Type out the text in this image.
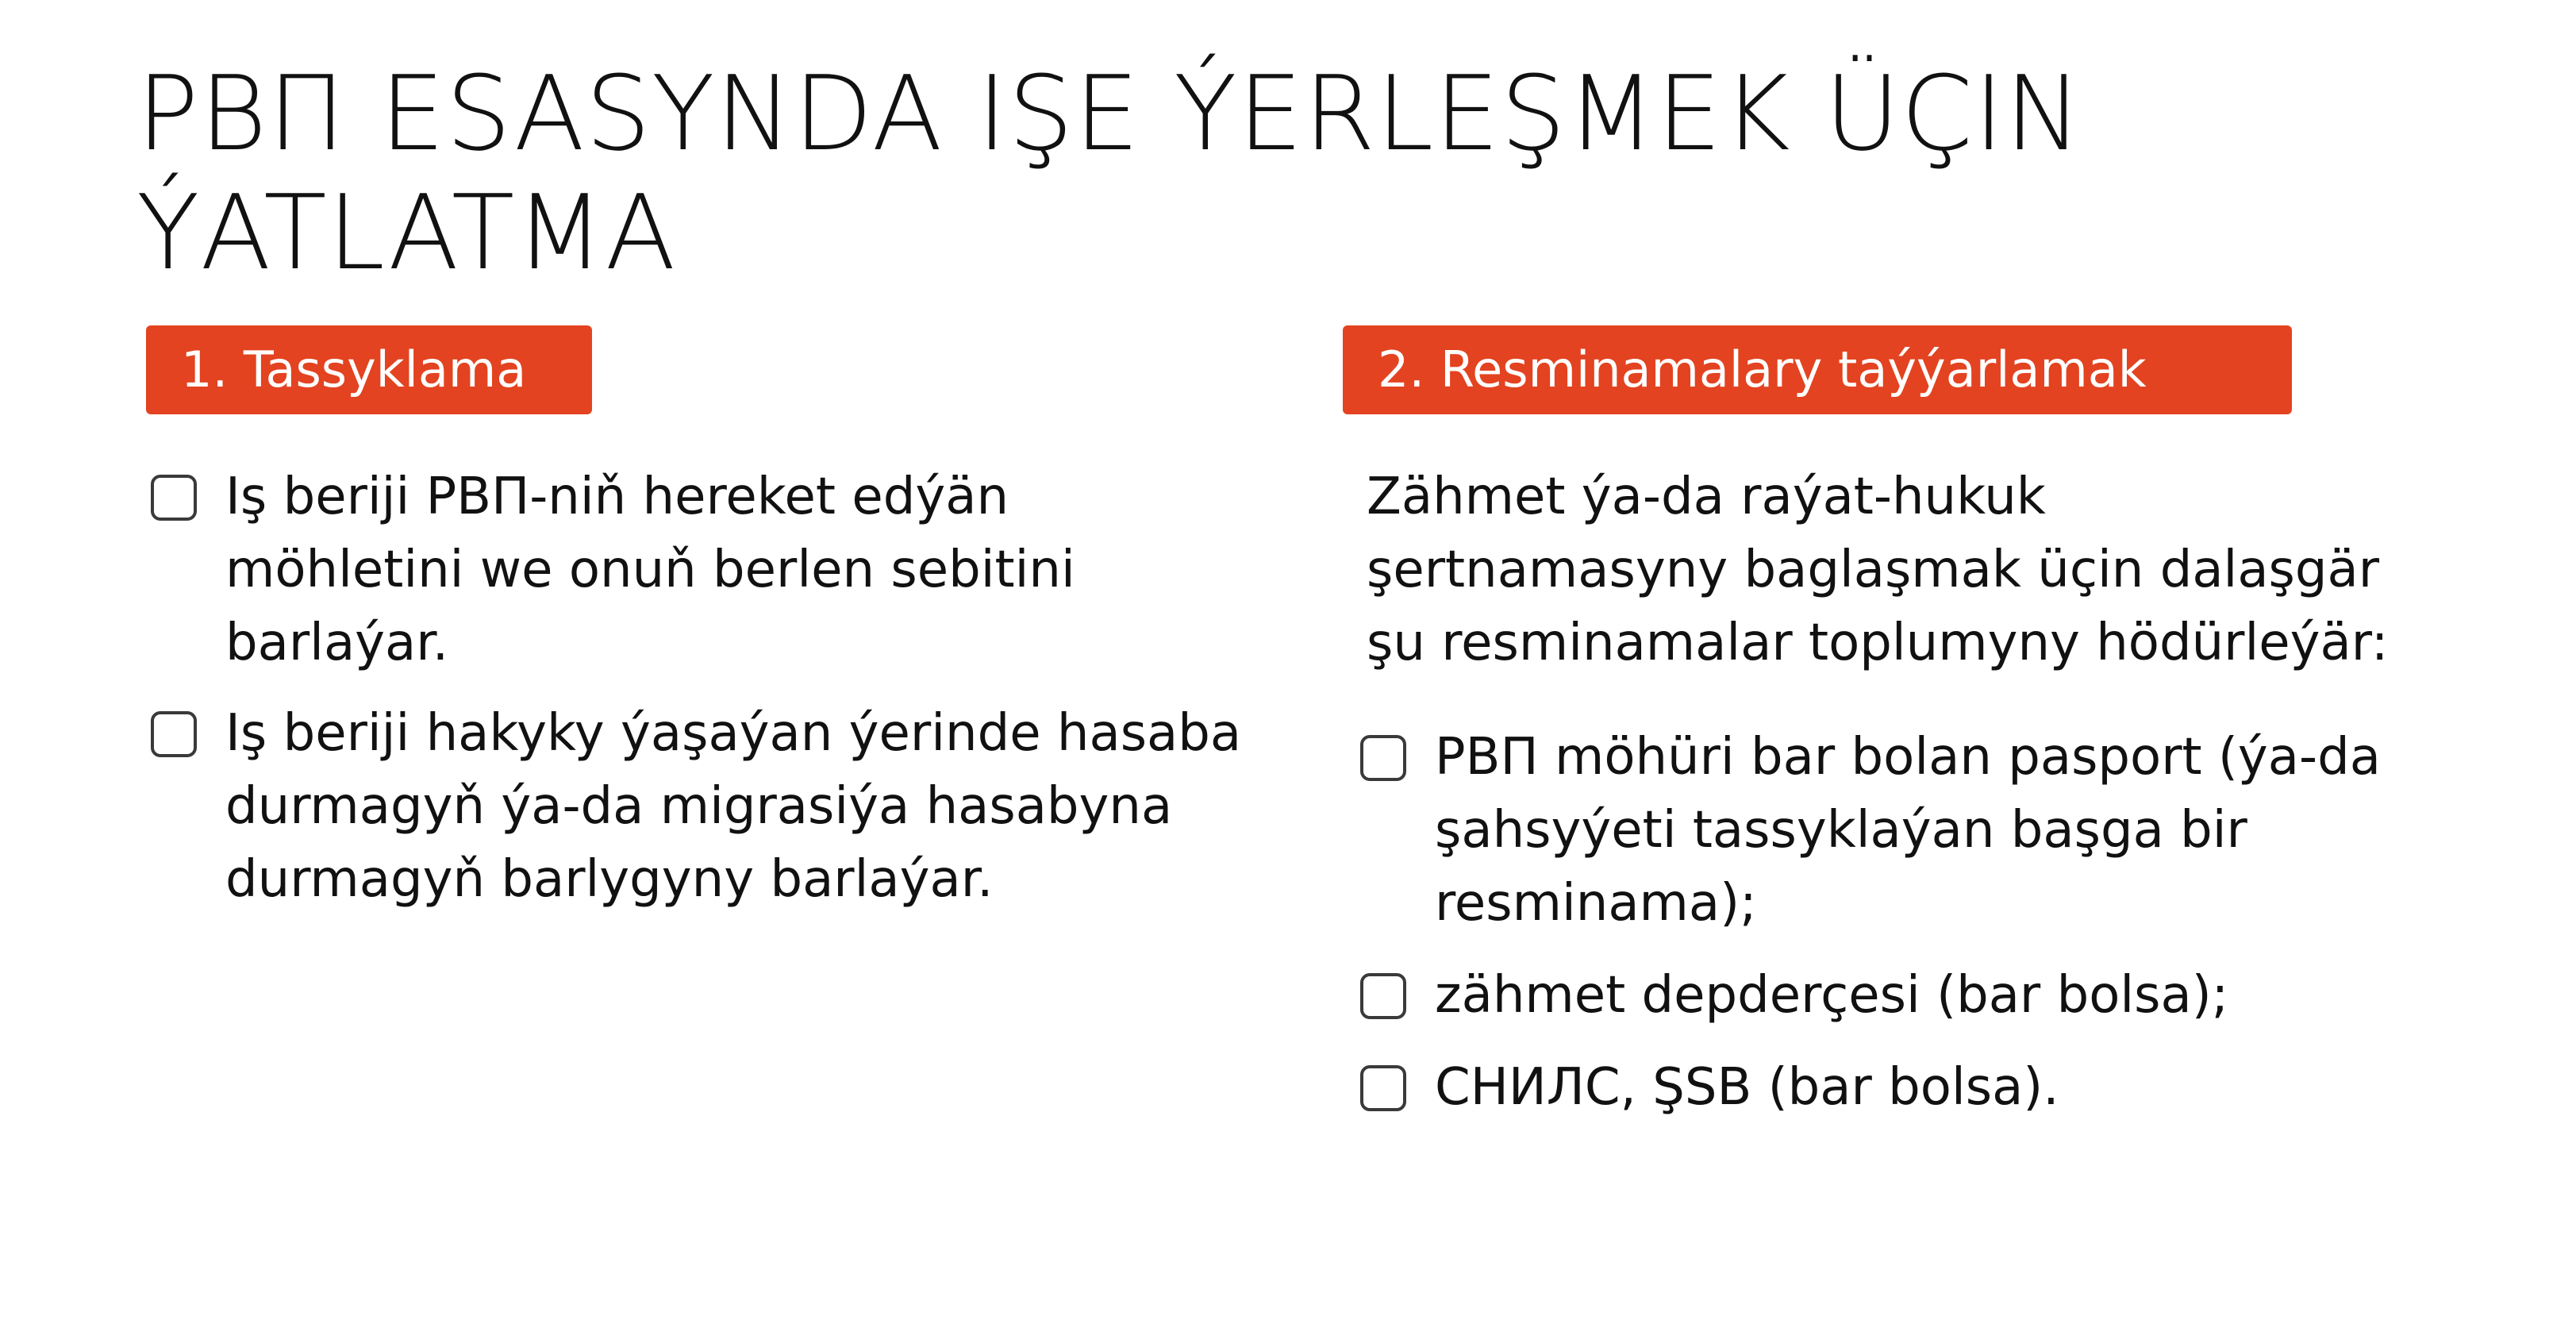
РВП ESASYNDA IŞE ÝERLEŞMEK ÜÇIN ÝATLATMA
1. Tassyklama	2. Resminamalary taýýarlamak
Iş beriji РВП-niň hereket edýän möhletini we onuň berlen sebitini barlaýar.
Iş beriji hakyky ýaşaýan ýerinde hasaba durmagyň ýa-da migrasiýa hasabyna durmagyň barlygyny barlaýar.

Zähmet ýa-da raýat-hukuk şertnamasyny baglaşmak üçin dalaşgär şu resminamalar toplumyny hödürleýär:

РВП möhüri bar bolan pasport (ýa-da şahsyýeti tassyklaýan başga bir resminama);
zähmet depderçesi (bar bolsa);
СНИЛС, ŞSB (bar bolsa).
